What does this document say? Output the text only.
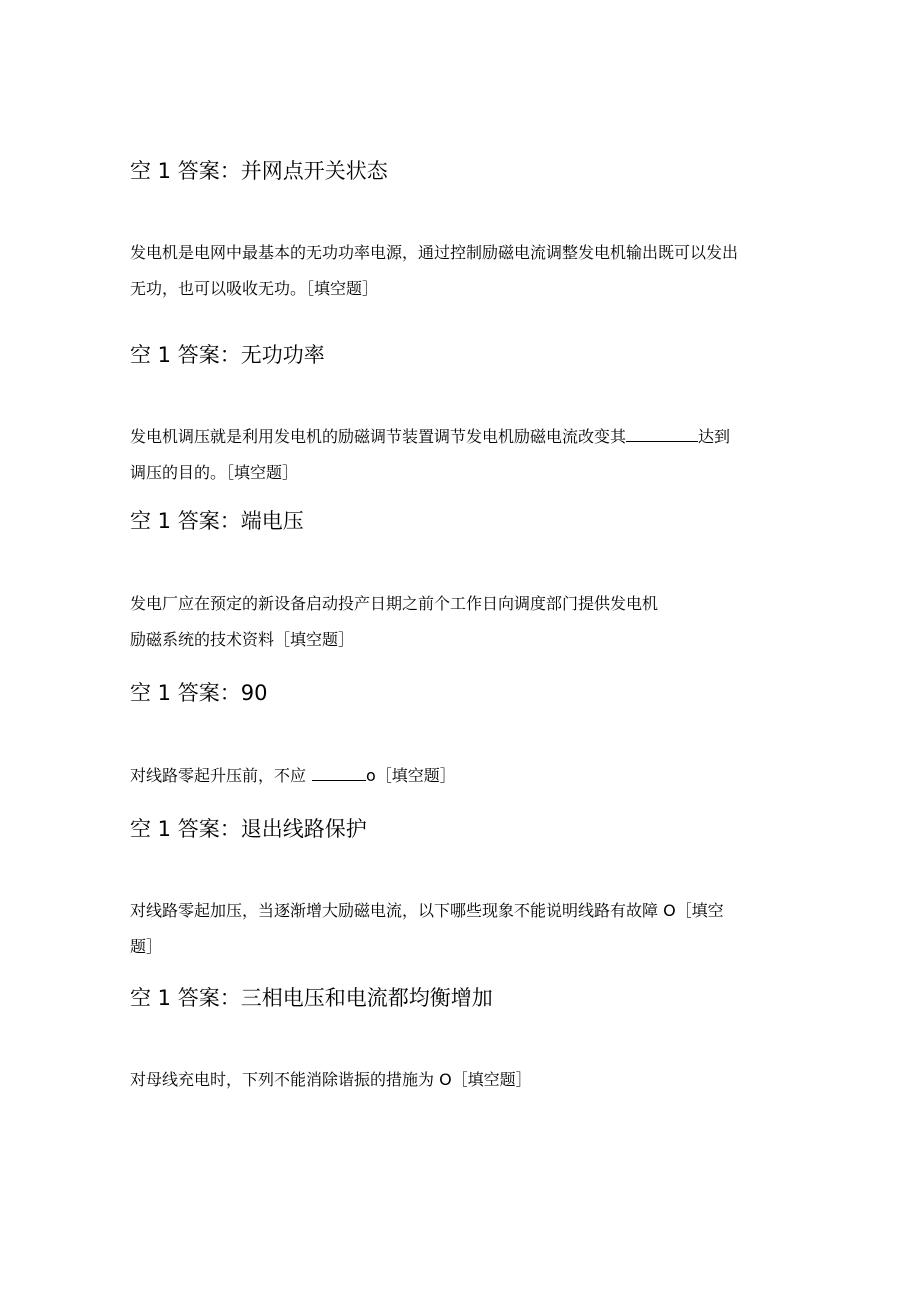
空 1 答案：并网点开关状态
发电机是电网中最基本的无功功率电源，通过控制励磁电流调整发电机输出既可以发出
无功，也可以吸收无功。［填空题］
空 1 答案：无功功率
发电机调压就是利用发电机的励磁调节装置调节发电机励磁电流改变其	达到
调压的目的。［填空题］
空 1 答案：端电压
发电厂应在预定的新设备启动投产日期之前个工作日向调度部门提供发电机
励磁系统的技术资料［填空题］
空 1 答案：90
对线路零起升压前，不应	o［填空题］
空 1 答案：退出线路保护
对线路零起加压，当逐渐增大励磁电流，以下哪些现象不能说明线路有故障 O［填空
题］
空 1 答案：三相电压和电流都均衡增加
对母线充电时，下列不能消除谐振的措施为 O［填空题］
